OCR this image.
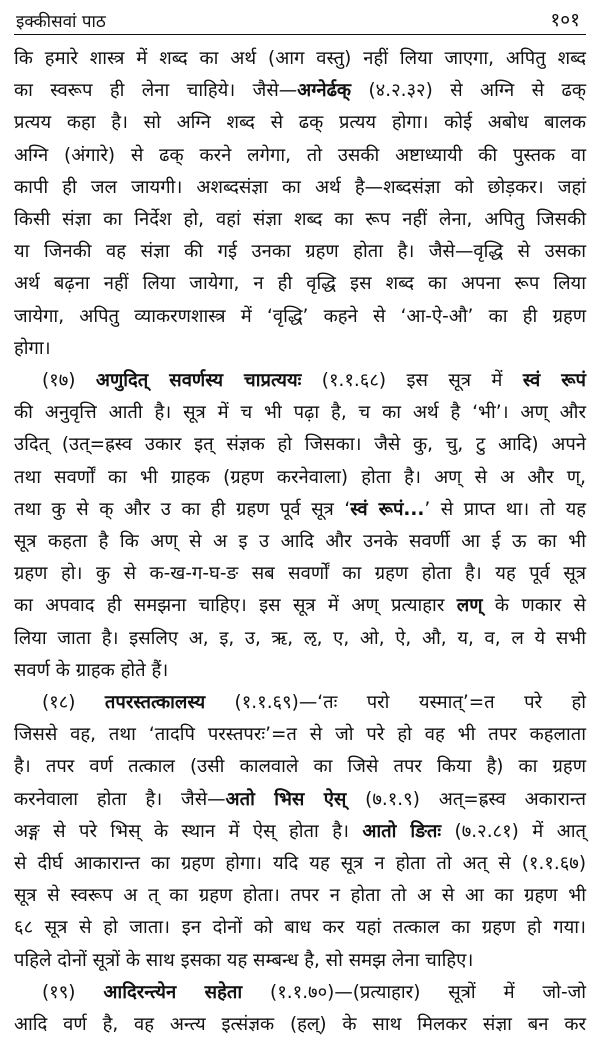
इक्कीसवां पाठ	१०१

कि हमारे शास्त्र में शब्द का अर्थ (आग वस्तु) नहीं लिया जाएगा, अपितु शब्द

का स्वरूप ही लेना चाहिये। जैसे—अग्नेर्ढक् (४.२.३२) से अग्नि से ढक्

प्रत्यय कहा है। सो अग्नि शब्द से ढक् प्रत्यय होगा। कोई अबोध बालक

अग्नि (अंगारे) से ढक् करने लगेगा, तो उसकी अष्टाध्यायी की पुस्तक वा

कापी ही जल जायगी। अशब्दसंज्ञा का अर्थ है—शब्दसंज्ञा को छोड़कर। जहां

किसी संज्ञा का निर्देश हो, वहां संज्ञा शब्द का रूप नहीं लेना, अपितु जिसकी

या जिनकी वह संज्ञा की गई उनका ग्रहण होता है। जैसे—वृद्धि से उसका

अर्थ बढ़ना नहीं लिया जायेगा, न ही वृद्धि इस शब्द का अपना रूप लिया

जायेगा, अपितु व्याकरणशास्त्र में ‘वृद्धि’ कहने से ‘आ-ऐ-औ’ का ही ग्रहण

होगा।

(१७) अणुदित् सवर्णस्य चाप्रत्ययः (१.१.६८) इस सूत्र में स्वं रूपं

की अनुवृत्ति आती है। सूत्र में च भी पढ़ा है, च का अर्थ है ‘भी’। अण् और

उदित् (उत्=ह्रस्व उकार इत् संज्ञक हो जिसका। जैसे कु, चु, टु आदि) अपने

तथा सवर्णों का भी ग्राहक (ग्रहण करनेवाला) होता है। अण् से अ और ण्,

तथा कु से क् और उ का ही ग्रहण पूर्व सूत्र ‘स्वं रूपं...’ से प्राप्त था। तो यह

सूत्र कहता है कि अण् से अ इ उ आदि और उनके सवर्णी आ ई ऊ का भी

ग्रहण हो। कु से क-ख-ग-घ-ङ सब सवर्णों का ग्रहण होता है। यह पूर्व सूत्र

का अपवाद ही समझना चाहिए। इस सूत्र में अण् प्रत्याहार लण् के णकार से

लिया जाता है। इसलिए अ, इ, उ, ऋ, ऌ, ए, ओ, ऐ, औ, य, व, ल ये सभी

सवर्ण के ग्राहक होते हैं।

(१८) तपरस्तत्कालस्य (१.१.६९)—‘तः परो यस्मात्’=त परे हो

जिससे वह, तथा ‘तादपि परस्तपरः’=त से जो परे हो वह भी तपर कहलाता

है। तपर वर्ण तत्काल (उसी कालवाले का जिसे तपर किया है) का ग्रहण

करनेवाला होता है। जैसे—अतो भिस ऐस् (७.१.९) अत्=ह्रस्व अकारान्त

अङ्ग से परे भिस् के स्थान में ऐस् होता है। आतो ङितः (७.२.८१) में आत्

से दीर्घ आकारान्त का ग्रहण होगा। यदि यह सूत्र न होता तो अत् से (१.१.६७)

सूत्र से स्वरूप अ त् का ग्रहण होता। तपर न होता तो अ से आ का ग्रहण भी

६८ सूत्र से हो जाता। इन दोनों को बाध कर यहां तत्काल का ग्रहण हो गया।

पहिले दोनों सूत्रों के साथ इसका यह सम्बन्ध है, सो समझ लेना चाहिए।

(१९) आदिरन्त्येन सहेता (१.१.७०)—(प्रत्याहार) सूत्रों में जो-जो

आदि वर्ण है, वह अन्त्य इत्संज्ञक (हल्) के साथ मिलकर संज्ञा बन कर
